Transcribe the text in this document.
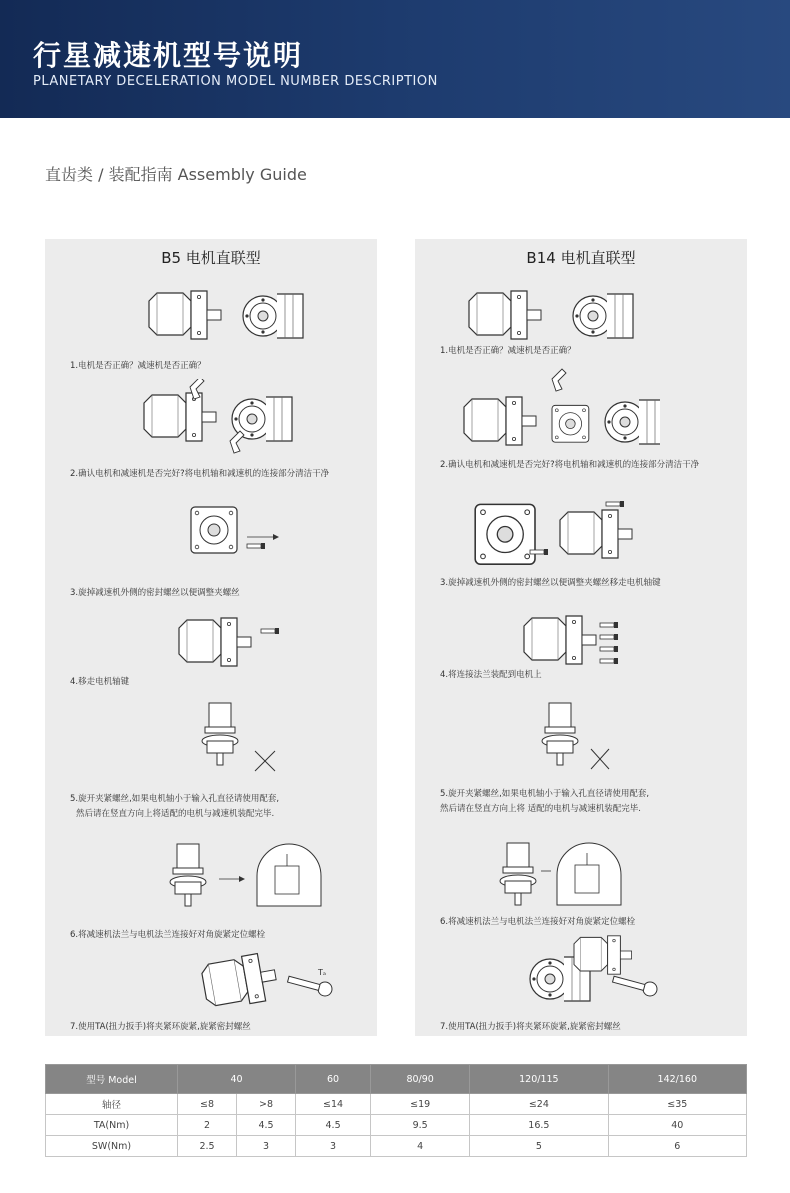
行星减速机型号说明
PLANETARY DECELERATION MODEL NUMBER DESCRIPTION
直齿类 / 装配指南 Assembly Guide
B5 电机直联型
1.电机是否正确？减速机是否正确？
2.确认电机和减速机是否完好?将电机轴和减速机的连接部分清洁干净
3.旋掉减速机外侧的密封螺丝以便调整夹螺丝
4.移走电机轴键
5.旋开夹紧螺丝,如果电机轴小于输入孔直径请使用配套,
然后请在竖直方向上将适配的电机与减速机装配完毕.
6.将减速机法兰与电机法兰连接好对角旋紧定位螺栓
Tₐ
7.使用TA(扭力扳手)将夹紧环旋紧,旋紧密封螺丝
B14 电机直联型
1.电机是否正确？减速机是否正确？
2.确认电机和减速机是否完好?将电机轴和减速机的连接部分清洁干净
3.旋掉减速机外侧的密封螺丝以便调整夹螺丝移走电机轴键
4.将连接法兰装配到电机上
5.旋开夹紧螺丝,如果电机轴小于输入孔直径请使用配套,
然后请在竖直方向上将 适配的电机与减速机装配完毕.
6.将减速机法兰与电机法兰连接好对角旋紧定位螺栓
7.使用TA(扭力扳手)将夹紧环旋紧,旋紧密封螺丝
型号 Model	40		60	80/90	120/115	142/160
轴径	≤8	>8	≤14	≤19	≤24	≤35
TA(Nm)	2	4.5	4.5	9.5	16.5	40
SW(Nm)	2.5	3	3	4	5	6
